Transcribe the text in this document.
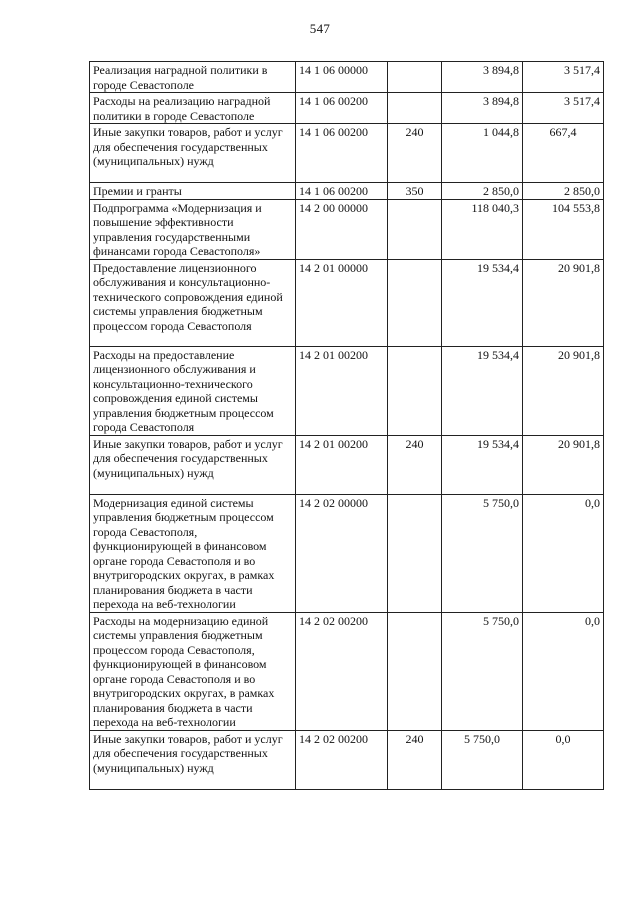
547
Реализация наградной политики в городе Севастополе	14 1 06 00000		3 894,8	3 517,4
Расходы на реализацию наградной политики в городе Севастополе	14 1 06 00200		3 894,8	3 517,4
Иные закупки товаров, работ и услуг для обеспечения государственных (муниципальных) нужд	14 1 06 00200	240	1 044,8	667,4
Премии и гранты	14 1 06 00200	350	2 850,0	2 850,0
Подпрограмма «Модернизация и повышение эффективности управления государственными финансами города Севастополя»	14 2 00 00000		118 040,3	104 553,8
Предоставление лицензионного обслуживания и консультационно-технического сопровождения единой системы управления бюджетным процессом города Севастополя	14 2 01 00000		19 534,4	20 901,8
Расходы на предоставление лицензионного обслуживания и консультационно-технического сопровождения единой системы управления бюджетным процессом города Севастополя	14 2 01 00200		19 534,4	20 901,8
Иные закупки товаров, работ и услуг для обеспечения государственных (муниципальных) нужд	14 2 01 00200	240	19 534,4	20 901,8
Модернизация единой системы управления бюджетным процессом города Севастополя, функционирующей в финансовом органе города Севастополя и во внутригородских округах, в рамках планирования бюджета в части перехода на веб-технологии	14 2 02 00000		5 750,0	0,0
Расходы на модернизацию единой системы управления бюджетным процессом города Севастополя, функционирующей в финансовом органе города Севастополя и во внутригородских округах, в рамках планирования бюджета в части перехода на веб-технологии	14 2 02 00200		5 750,0	0,0
Иные закупки товаров, работ и услуг для обеспечения государственных (муниципальных) нужд	14 2 02 00200	240	5 750,0	0,0
